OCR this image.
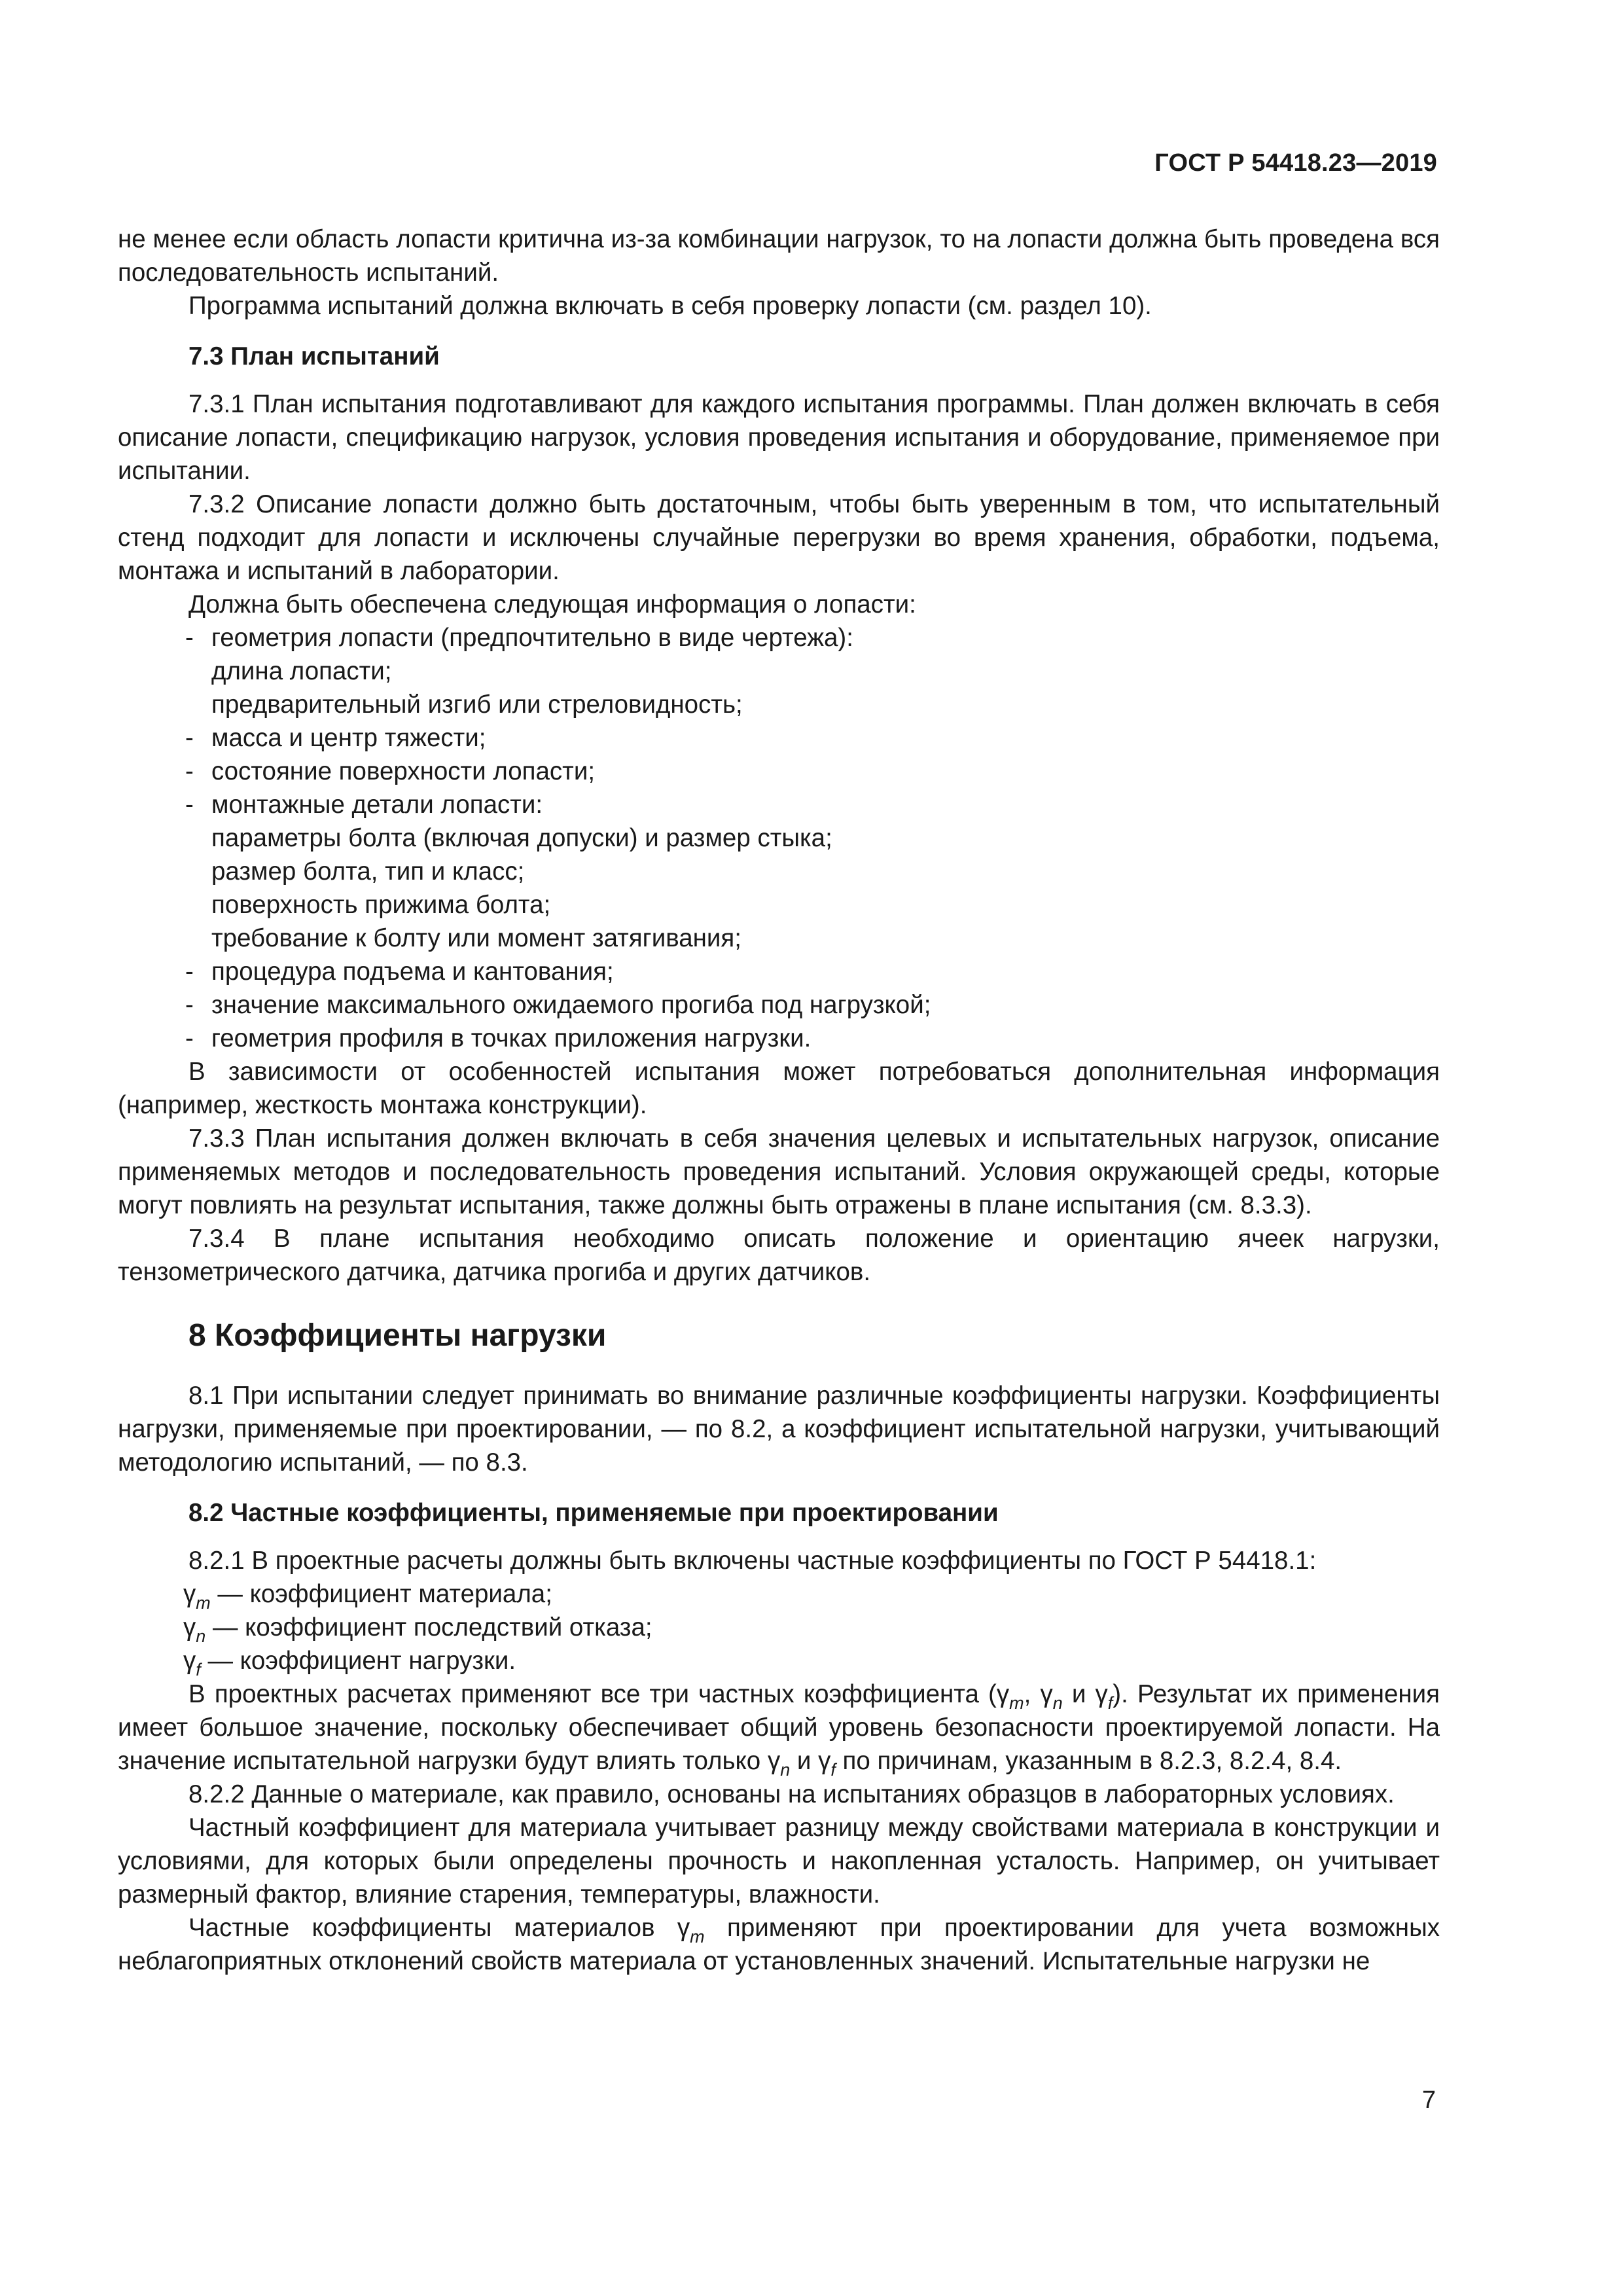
ГОСТ Р 54418.23—2019

не менее если область лопасти критична из-за комбинации нагрузок, то на лопасти должна быть проведена вся последовательность испытаний.

Программа испытаний должна включать в себя проверку лопасти (см. раздел 10).

7.3 План испытаний

7.3.1 План испытания подготавливают для каждого испытания программы. План должен включать в себя описание лопасти, спецификацию нагрузок, условия проведения испытания и оборудование, применяемое при испытании.

7.3.2 Описание лопасти должно быть достаточным, чтобы быть уверенным в том, что испытательный стенд подходит для лопасти и исключены случайные перегрузки во время хранения, обработки, подъема, монтажа и испытаний в лаборатории.

Должна быть обеспечена следующая информация о лопасти:

- геометрия лопасти (предпочтительно в виде чертежа):

длина лопасти;

предварительный изгиб или стреловидность;

- масса и центр тяжести;

- состояние поверхности лопасти;

- монтажные детали лопасти:

параметры болта (включая допуски) и размер стыка;

размер болта, тип и класс;

поверхность прижима болта;

требование к болту или момент затягивания;

- процедура подъема и кантования;

- значение максимального ожидаемого прогиба под нагрузкой;

- геометрия профиля в точках приложения нагрузки.

В зависимости от особенностей испытания может потребоваться дополнительная информация (например, жесткость монтажа конструкции).

7.3.3 План испытания должен включать в себя значения целевых и испытательных нагрузок, описание применяемых методов и последовательность проведения испытаний. Условия окружающей среды, которые могут повлиять на результат испытания, также должны быть отражены в плане испытания (см. 8.3.3).

7.3.4 В плане испытания необходимо описать положение и ориентацию ячеек нагрузки, тензометрического датчика, датчика прогиба и других датчиков.

8 Коэффициенты нагрузки

8.1 При испытании следует принимать во внимание различные коэффициенты нагрузки. Коэффициенты нагрузки, применяемые при проектировании, — по 8.2, а коэффициент испытательной нагрузки, учитывающий методологию испытаний, — по 8.3.

8.2 Частные коэффициенты, применяемые при проектировании

8.2.1 В проектные расчеты должны быть включены частные коэффициенты по ГОСТ Р 54418.1:

$\gamma_m$ — коэффициент материала;

$\gamma_n$ — коэффициент последствий отказа;

$\gamma_f$ — коэффициент нагрузки.

В проектных расчетах применяют все три частных коэффициента ($\gamma_m$, $\gamma_n$ и $\gamma_f$). Результат их применения имеет большое значение, поскольку обеспечивает общий уровень безопасности проектируемой лопасти. На значение испытательной нагрузки будут влиять только $\gamma_n$ и $\gamma_f$ по причинам, указанным в 8.2.3, 8.2.4, 8.4.

8.2.2 Данные о материале, как правило, основаны на испытаниях образцов в лабораторных условиях.

Частный коэффициент для материала учитывает разницу между свойствами материала в конструкции и условиями, для которых были определены прочность и накопленная усталость. Например, он учитывает размерный фактор, влияние старения, температуры, влажности.

Частные коэффициенты материалов $\gamma_m$ применяют при проектировании для учета возможных неблагоприятных отклонений свойств материала от установленных значений. Испытательные нагрузки не

7
